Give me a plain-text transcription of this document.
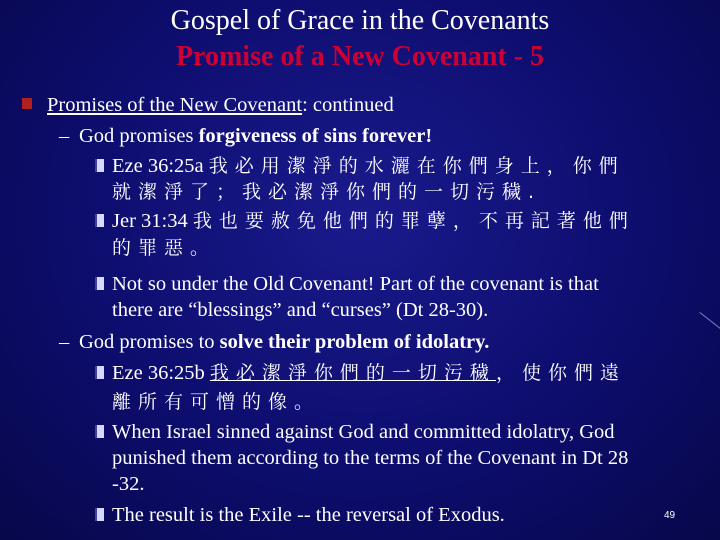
Gospel of Grace in the Covenants
Promise of a New Covenant - 5
Promises of the New Covenant: continued
– God promises forgiveness of sins forever!
Eze 36:25a 我必用潔淨的水灑在你們身上，你們
就潔淨了；我必潔淨你們的一切污穢.
Jer 31:34 我也要赦免他們的罪孽，不再記著他們
的罪惡。
Not so under the Old Covenant! Part of the covenant is that
there are “blessings” and “curses” (Dt 28-30).
– God promises to solve their problem of idolatry.
Eze 36:25b 我必潔淨你們的一切污穢，使你們遠
離所有可憎的像。
When Israel sinned against God and committed idolatry, God
punished them according to the terms of the Covenant in Dt 28
-32.
The result is the Exile -- the reversal of Exodus.	49
